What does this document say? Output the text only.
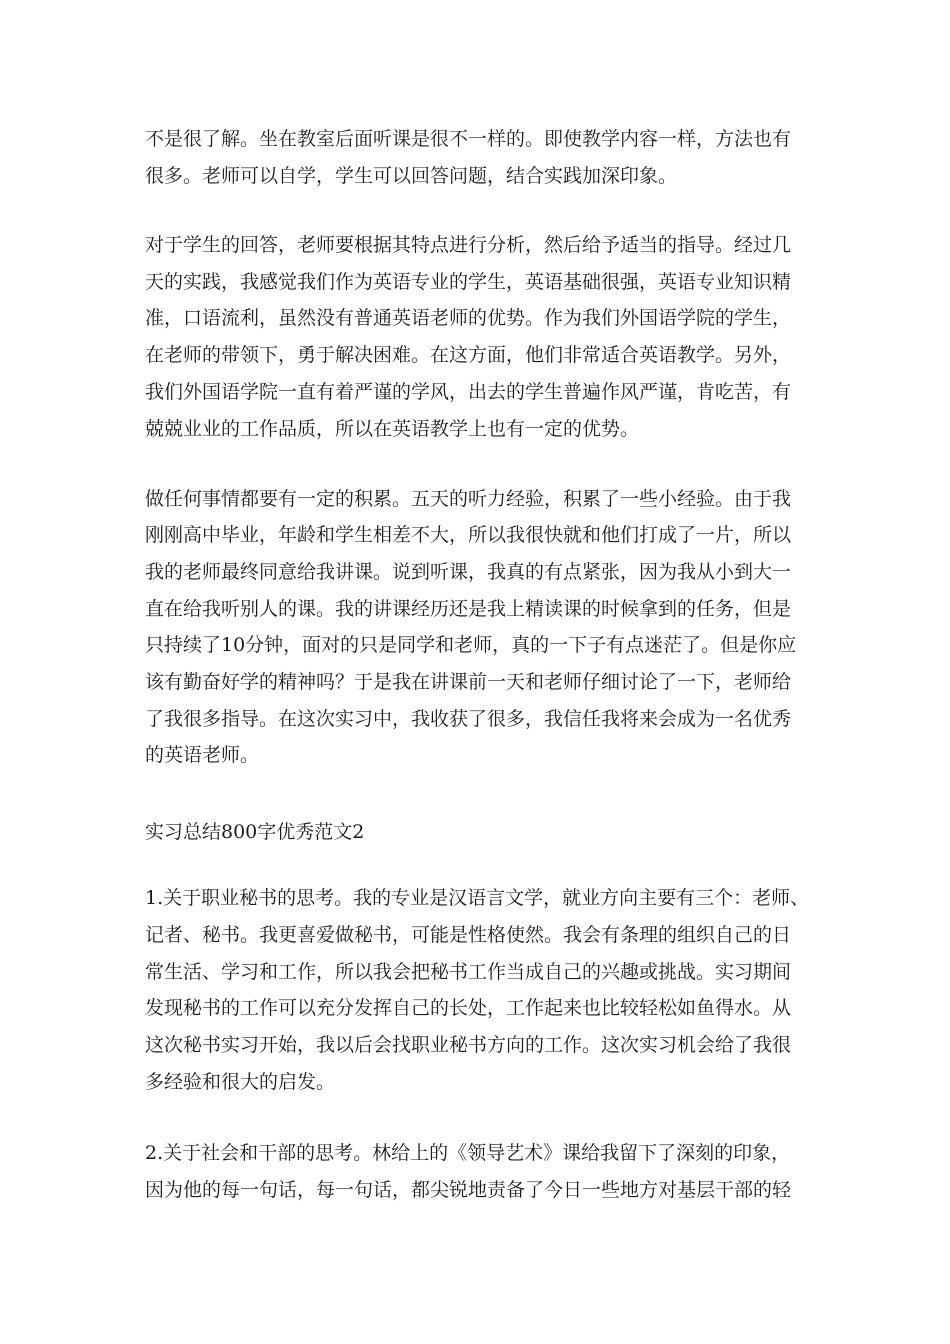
不是很了解。坐在教室后面听课是很不一样的。即使教学内容一样，方法也有

很多。老师可以自学，学生可以回答问题，结合实践加深印象。

对于学生的回答，老师要根据其特点进行分析，然后给予适当的指导。经过几

天的实践，我感觉我们作为英语专业的学生，英语基础很强，英语专业知识精

准，口语流利，虽然没有普通英语老师的优势。作为我们外国语学院的学生，

在老师的带领下，勇于解决困难。在这方面，他们非常适合英语教学。另外，

我们外国语学院一直有着严谨的学风，出去的学生普遍作风严谨，肯吃苦，有

兢兢业业的工作品质，所以在英语教学上也有一定的优势。

做任何事情都要有一定的积累。五天的听力经验，积累了一些小经验。由于我

刚刚高中毕业，年龄和学生相差不大，所以我很快就和他们打成了一片，所以

我的老师最终同意给我讲课。说到听课，我真的有点紧张，因为我从小到大一

直在给我听别人的课。我的讲课经历还是我上精读课的时候拿到的任务，但是

只持续了10分钟，面对的只是同学和老师，真的一下子有点迷茫了。但是你应

该有勤奋好学的精神吗？于是我在讲课前一天和老师仔细讨论了一下，老师给

了我很多指导。在这次实习中，我收获了很多，我信任我将来会成为一名优秀

的英语老师。

实习总结800字优秀范文2

1.关于职业秘书的思考。我的专业是汉语言文学，就业方向主要有三个：老师、

记者、秘书。我更喜爱做秘书，可能是性格使然。我会有条理的组织自己的日

常生活、学习和工作，所以我会把秘书工作当成自己的兴趣或挑战。实习期间

发现秘书的工作可以充分发挥自己的长处，工作起来也比较轻松如鱼得水。从

这次秘书实习开始，我以后会找职业秘书方向的工作。这次实习机会给了我很

多经验和很大的启发。

2.关于社会和干部的思考。林给上的《领导艺术》课给我留下了深刻的印象，

因为他的每一句话，每一句话，都尖锐地责备了今日一些地方对基层干部的轻
